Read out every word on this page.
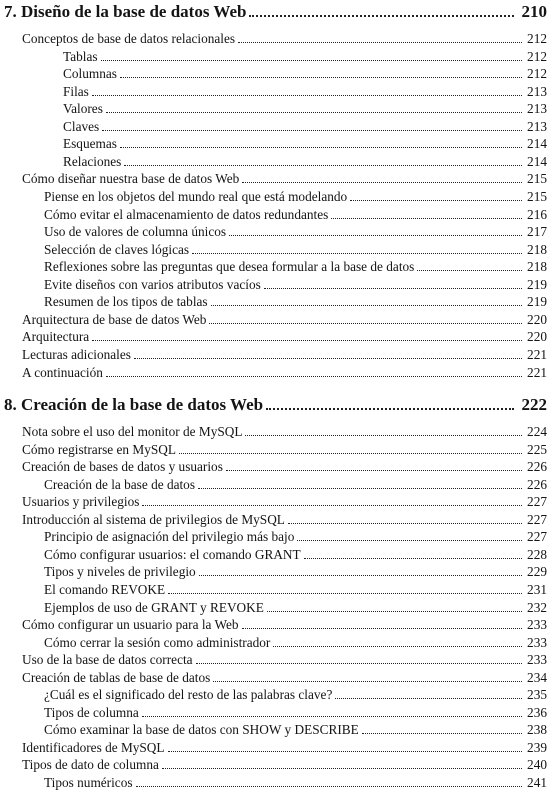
7. Diseño de la base de datos Web	210
Conceptos de base de datos relacionales	212
Tablas	212
Columnas	212
Filas	213
Valores	213
Claves	213
Esquemas	214
Relaciones	214
Cómo diseñar nuestra base de datos Web	215
Piense en los objetos del mundo real que está modelando	215
Cómo evitar el almacenamiento de datos redundantes	216
Uso de valores de columna únicos	217
Selección de claves lógicas	218
Reflexiones sobre las preguntas que desea formular a la base de datos	218
Evite diseños con varios atributos vacíos	219
Resumen de los tipos de tablas	219
Arquitectura de base de datos Web	220
Arquitectura	220
Lecturas adicionales	221
A continuación	221
8. Creación de la base de datos Web	222
Nota sobre el uso del monitor de MySQL	224
Cómo registrarse en MySQL	225
Creación de bases de datos y usuarios	226
Creación de la base de datos	226
Usuarios y privilegios	227
Introducción al sistema de privilegios de MySQL	227
Principio de asignación del privilegio más bajo	227
Cómo configurar usuarios: el comando GRANT	228
Tipos y niveles de privilegio	229
El comando REVOKE	231
Ejemplos de uso de GRANT y REVOKE	232
Cómo configurar un usuario para la Web	233
Cómo cerrar la sesión como administrador	233
Uso de la base de datos correcta	233
Creación de tablas de base de datos	234
¿Cuál es el significado del resto de las palabras clave?	235
Tipos de columna	236
Cómo examinar la base de datos con SHOW y DESCRIBE	238
Identificadores de MySQL	239
Tipos de dato de columna	240
Tipos numéricos	241
